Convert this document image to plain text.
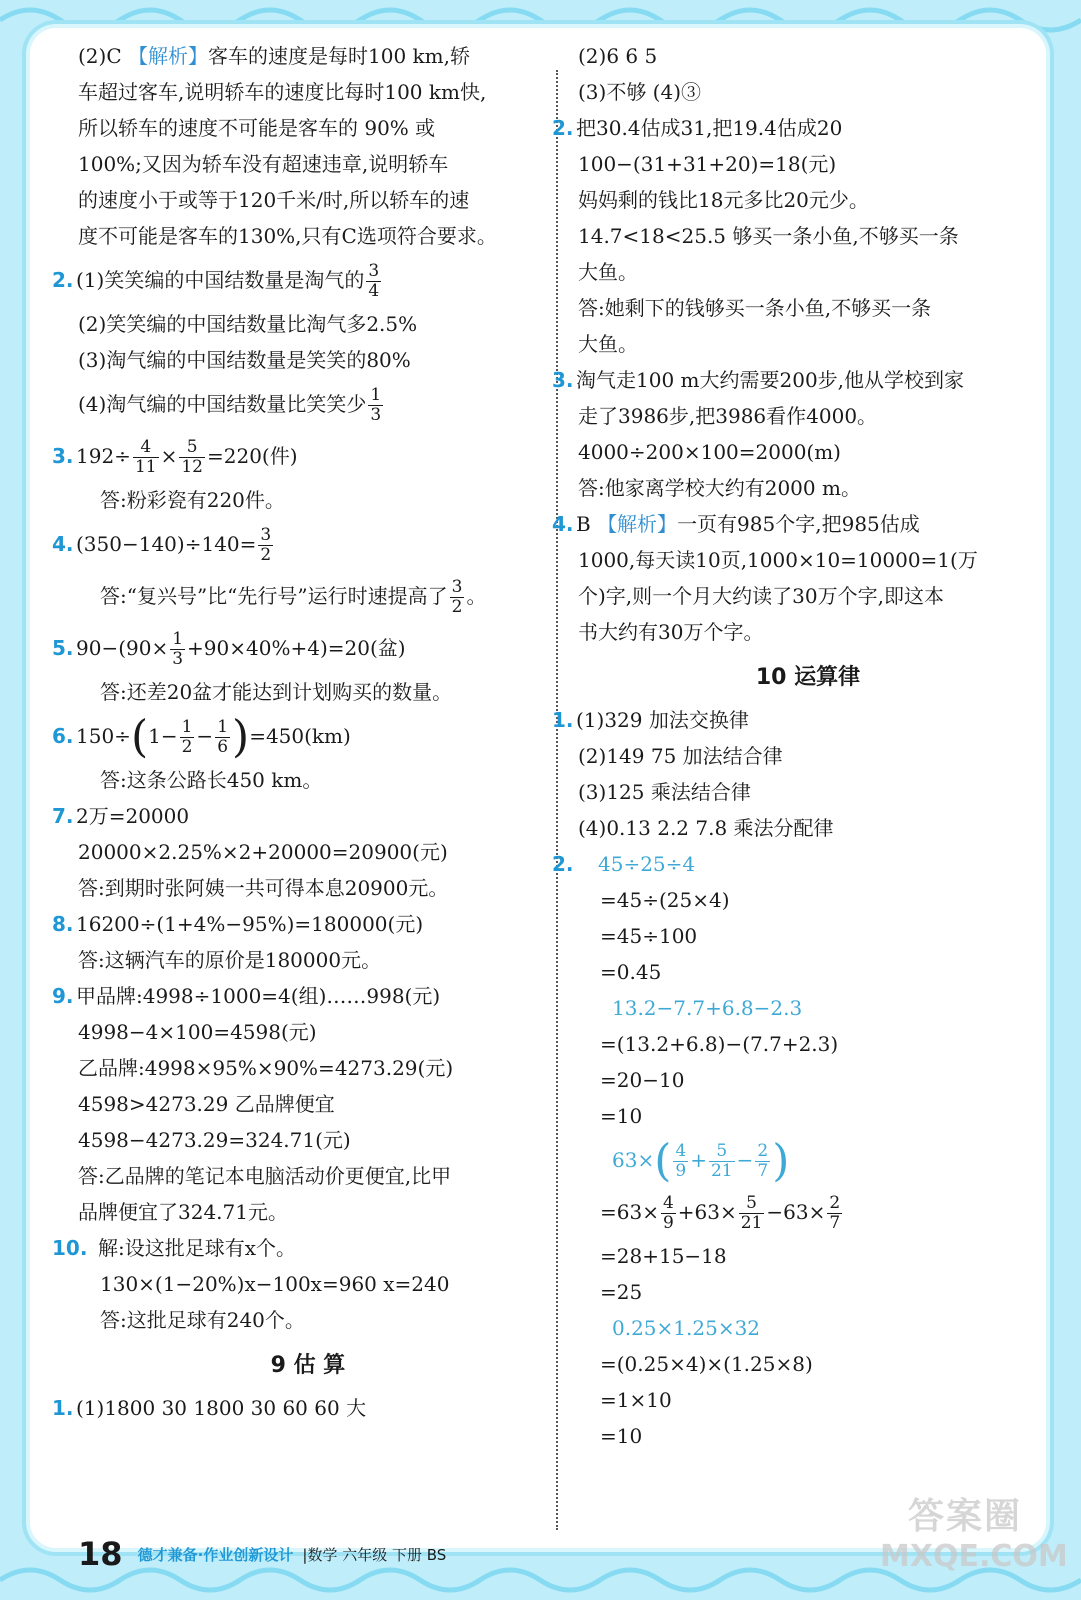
(2)C 【解析】客车的速度是每时100 km,轿
车超过客车,说明轿车的速度比每时100 km快,
所以轿车的速度不可能是客车的 90% 或
100%;又因为轿车没有超速违章,说明轿车
的速度小于或等于120千米/时,所以轿车的速
度不可能是客车的130%,只有C选项符合要求。
2. (1)笑笑编的中国结数量是淘气的 $\frac{3}{4}$
(2)笑笑编的中国结数量比淘气多2.5%
(3)淘气编的中国结数量是笑笑的80%
(4)淘气编的中国结数量比笑笑少 $\frac{1}{3}$
3. $192\div \frac{4}{11} \times \frac{5}{12} =220$(件)
答:粉彩瓷有220件。
4. $(350-140)\div 140= \frac{3}{2}$
答:“复兴号”比“先行号”运行时速提高了 $\frac{3}{2}$ 。
5. $90-(90\times \frac{1}{3} +90\times 40\%+4)=20$(盆)
答:还差20盆才能达到计划购买的数量。
6. $150\div(1- \frac{1}{2} - \frac{1}{6} )=450(km)$
答:这条公路长450 km。
7. 2万=20000
20000×2.25%×2+20000=20900(元)
答:到期时张阿姨一共可得本息20900元。
8. 16200÷(1+4%−95%)=180000(元)
答:这辆汽车的原价是180000元。
9. 甲品牌:4998÷1000=4(组)……998(元)
4998−4×100=4598(元)
乙品牌:4998×95%×90%=4273.29(元)
4598>4273.29 乙品牌便宜
4598−4273.29=324.71(元)
答:乙品牌的笔记本电脑活动价更便宜,比甲
品牌便宜了324.71元。
10. 解:设这批足球有x个。
130×(1−20%)x−100x=960 x=240
答:这批足球有240个。
9 估 算
1. (1)1800 30 1800 30 60 60 大
(2)6 6 5
(3)不够 (4)③
2. 把30.4估成31,把19.4估成20
100−(31+31+20)=18(元)
妈妈剩的钱比18元多比20元少。
14.7<18<25.5 够买一条小鱼,不够买一条
大鱼。
答:她剩下的钱够买一条小鱼,不够买一条
大鱼。
3. 淘气走100 m大约需要200步,他从学校到家
走了3986步,把3986看作4000。
4000÷200×100=2000(m)
答:他家离学校大约有2000 m。
4. B 【解析】一页有985个字,把985估成
1000,每天读10页,1000×10=10000=1(万
个)字,则一个月大约读了30万个字,即这本
书大约有30万个字。
10 运算律
1. (1)329 加法交换律
(2)149 75 加法结合律
(3)125 乘法结合律
(4)0.13 2.2 7.8 乘法分配律
2. 45÷25÷4
=45÷(25×4)
=45÷100
=0.45
13.2−7.7+6.8−2.3
=(13.2+6.8)−(7.7+2.3)
=20−10
=10
$63\times( \frac{4}{9} + \frac{5}{21} - \frac{2}{7}$ )
$=63\times \frac{4}{9} +63\times \frac{5}{21} -63\times \frac{2}{7}$
=28+15−18
=25
0.25×1.25×32
=(0.25×4)×(1.25×8)
=1×10
=10
18 德才兼备·作业创新设计 |数学 六年级 下册 BS
答案圈
MXQE.COM
